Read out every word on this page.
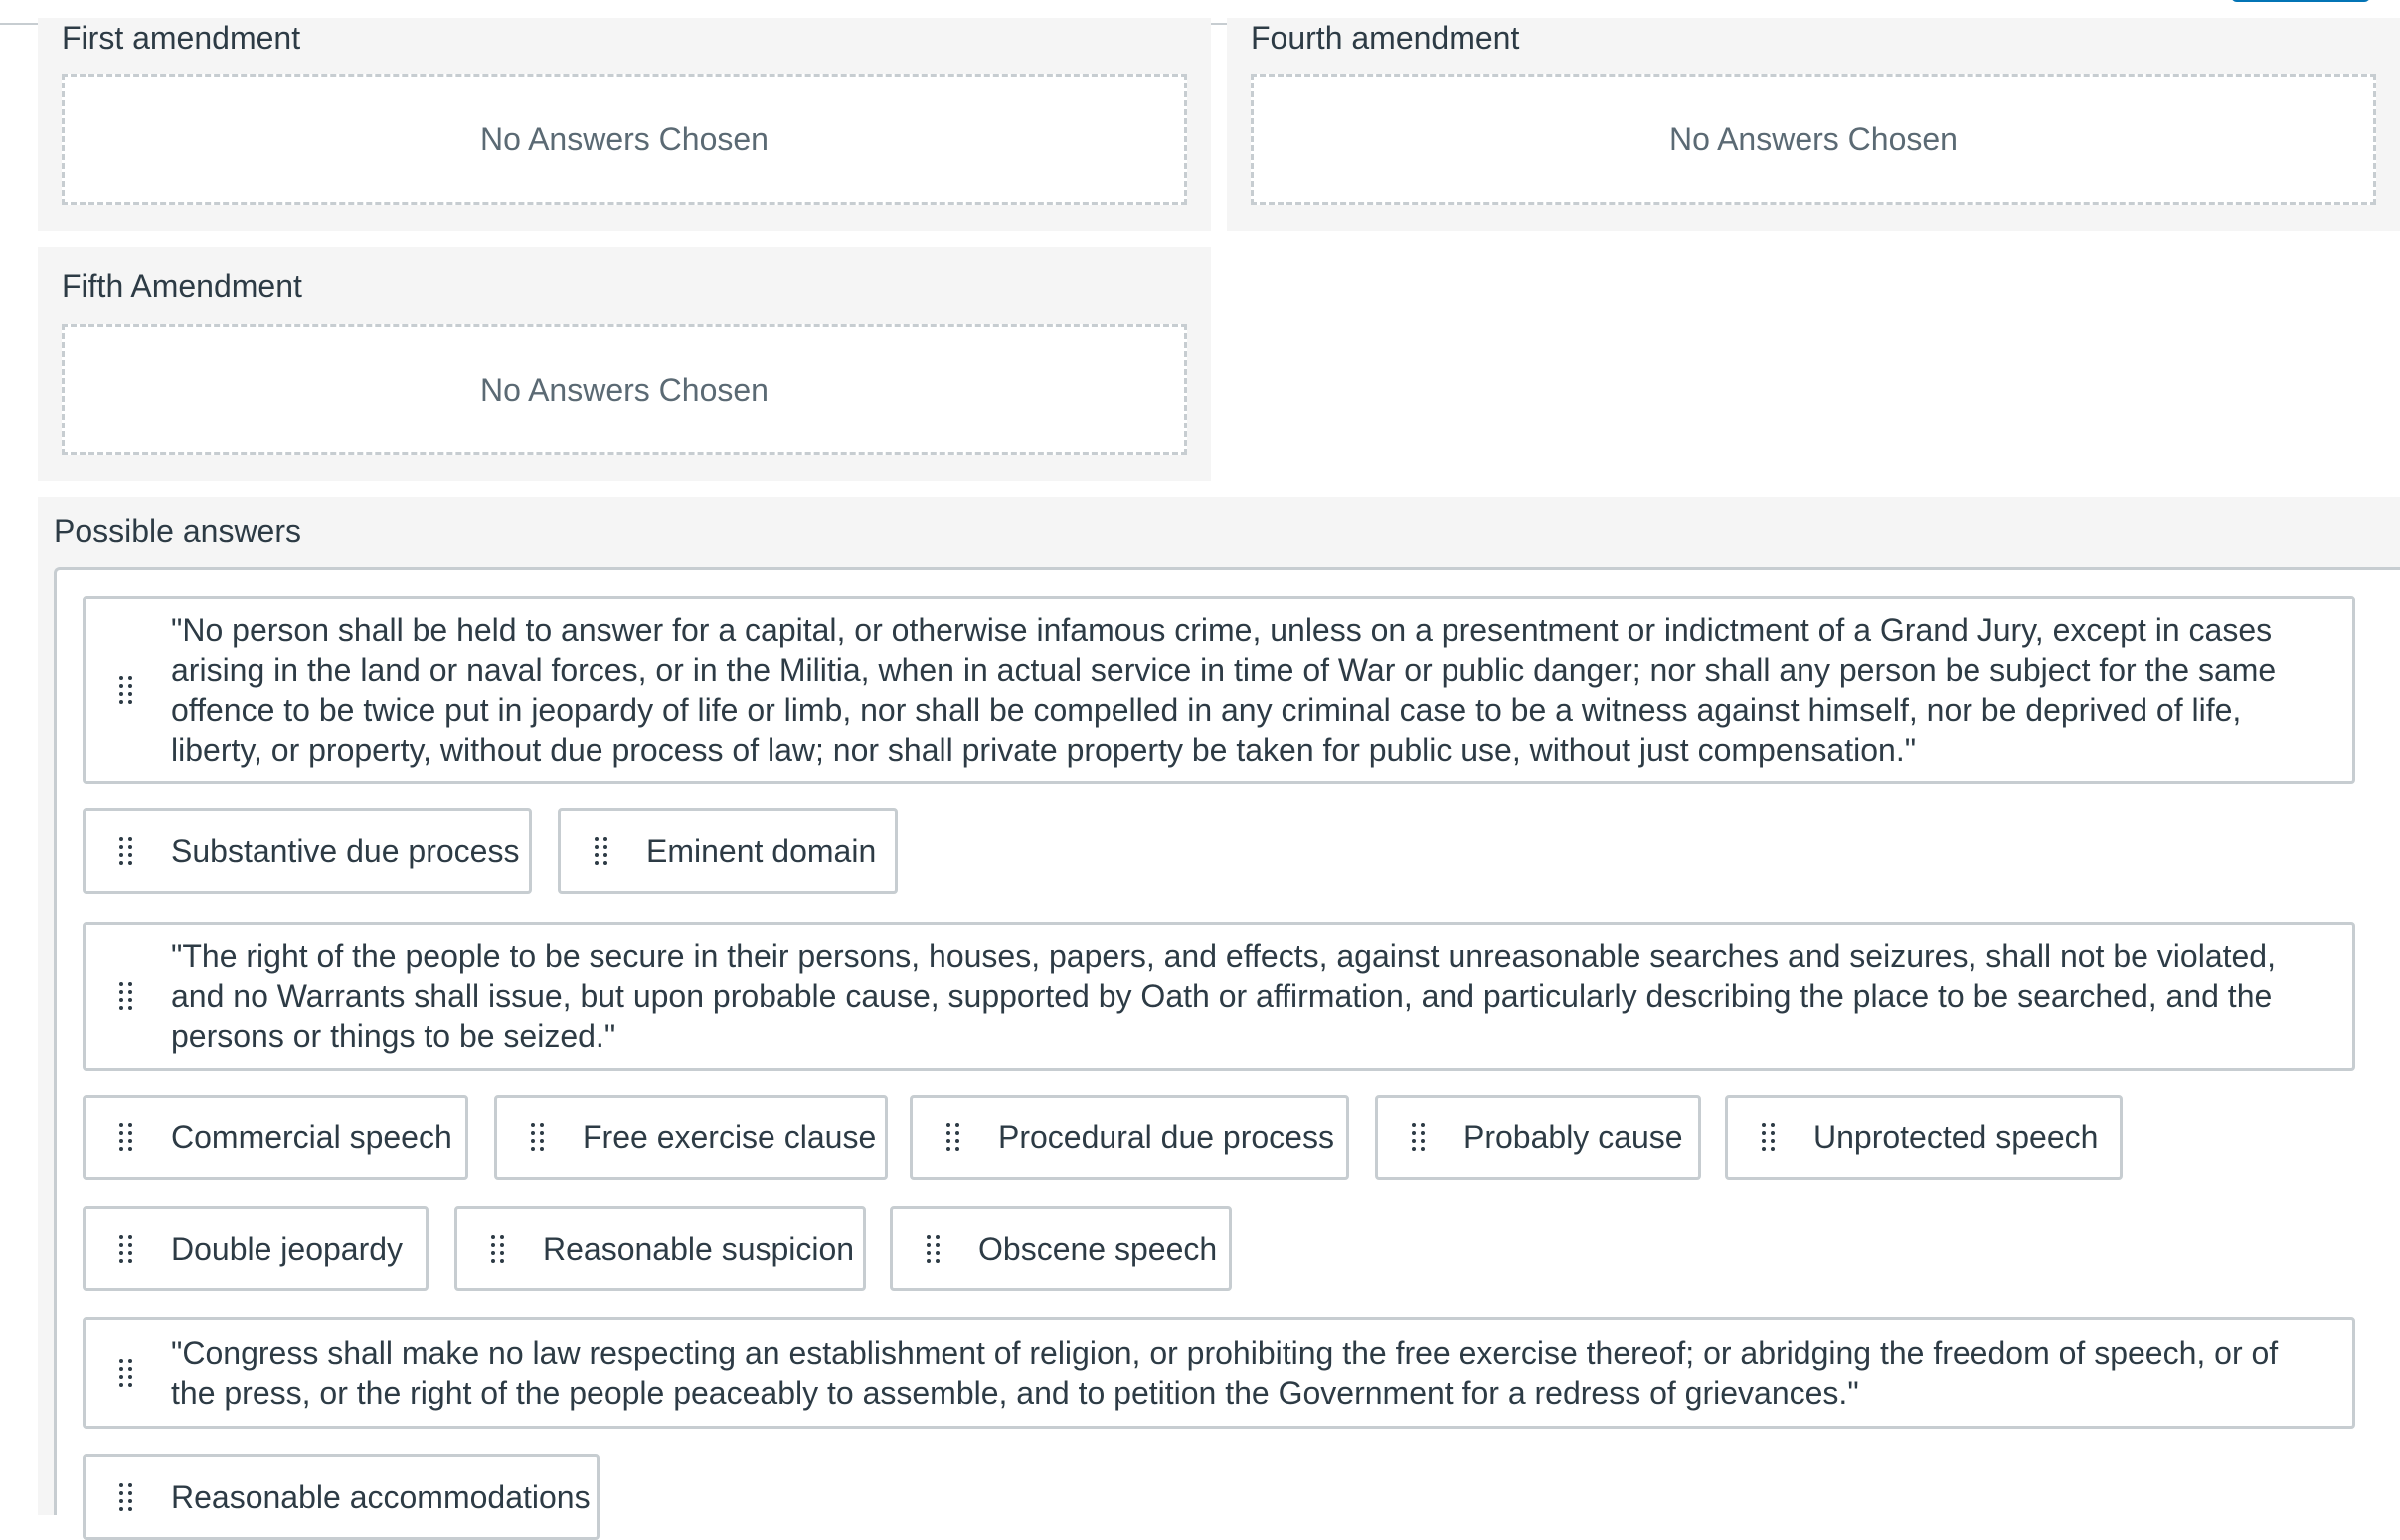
First amendment
No Answers Chosen
Fourth amendment
No Answers Chosen
Fifth Amendment
No Answers Chosen
Possible answers
"No person shall be held to answer for a capital, or otherwise infamous crime, unless on a presentment or indictment of a Grand Jury, except in cases arising in the land or naval forces, or in the Militia, when in actual service in time of War or public danger; nor shall any person be subject for the same offence to be twice put in jeopardy of life or limb, nor shall be compelled in any criminal case to be a witness against himself, nor be deprived of life, liberty, or property, without due process of law; nor shall private property be taken for public use, without just compensation."
Substantive due process	Eminent domain
"The right of the people to be secure in their persons, houses, papers, and effects, against unreasonable searches and seizures, shall not be violated, and no Warrants shall issue, but upon probable cause, supported by Oath or affirmation, and particularly describing the place to be searched, and the persons or things to be seized."
Commercial speech	Free exercise clause	Procedural due process	Probably cause	Unprotected speech
Double jeopardy	Reasonable suspicion	Obscene speech
"Congress shall make no law respecting an establishment of religion, or prohibiting the free exercise thereof; or abridging the freedom of speech, or of the press, or the right of the people peaceably to assemble, and to petition the Government for a redress of grievances."
Reasonable accommodations
